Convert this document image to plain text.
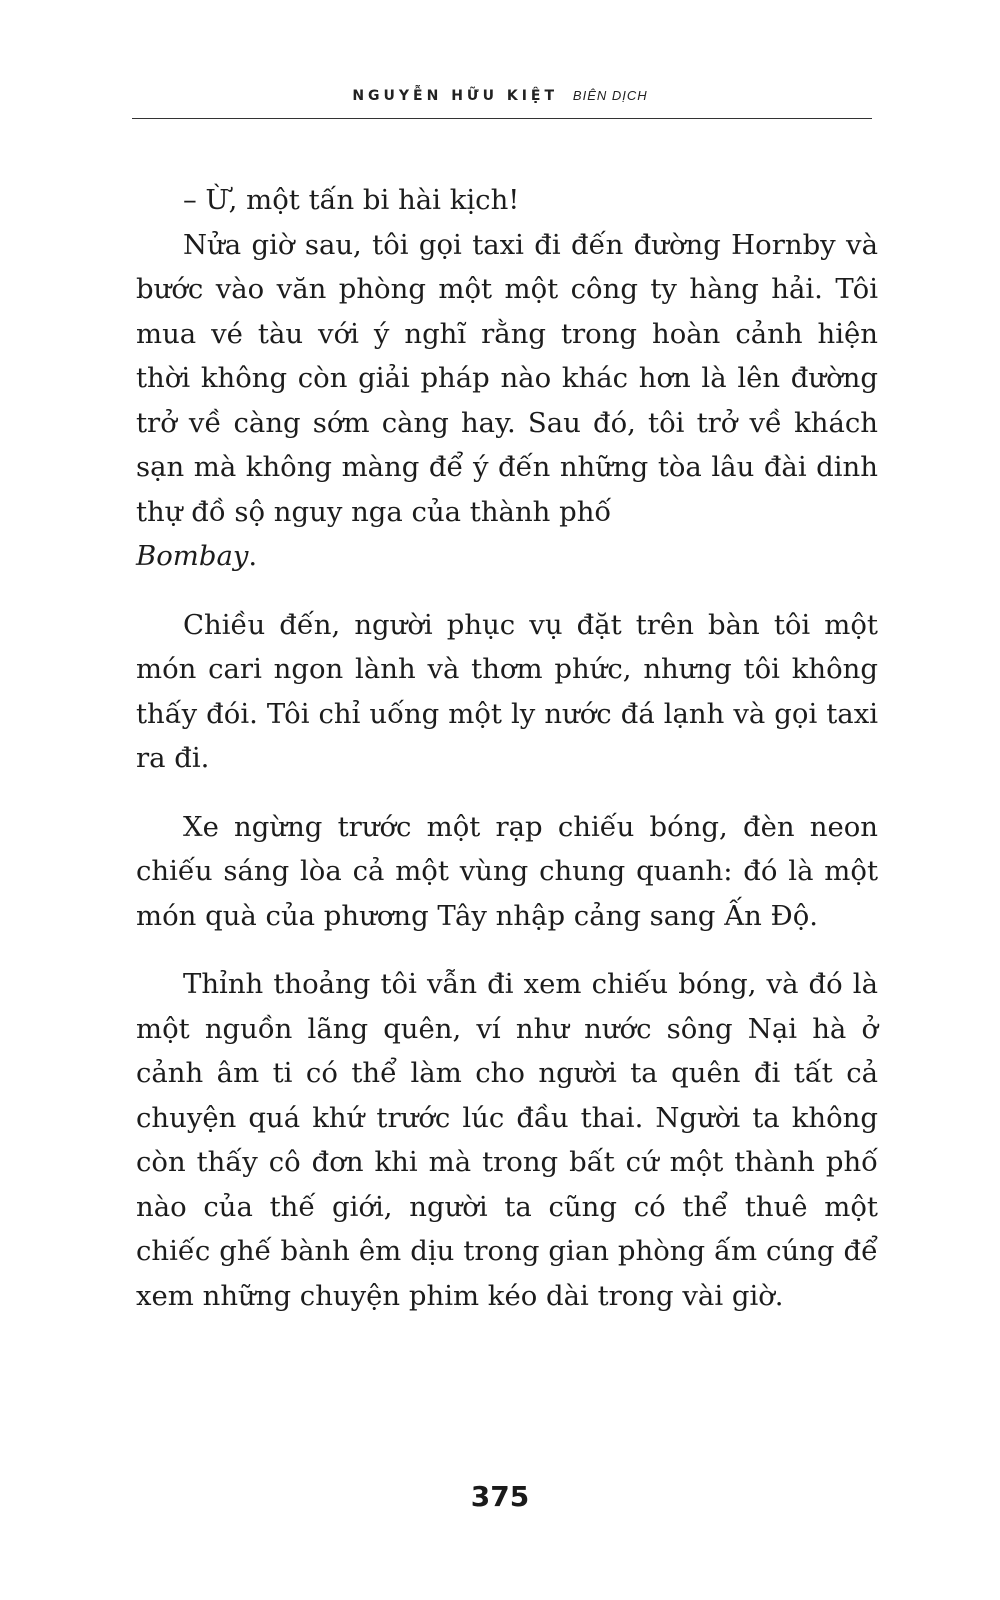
NGUYỄN HỮU KIỆT BIÊN DỊCH

– Ừ, một tấn bi hài kịch!

Nửa giờ sau, tôi gọi taxi đi đến đường Hornby và bước vào văn phòng một một công ty hàng hải. Tôi mua vé tàu với ý nghĩ rằng trong hoàn cảnh hiện thời không còn giải pháp nào khác hơn là lên đường trở về càng sớm càng hay. Sau đó, tôi trở về khách sạn mà không màng để ý đến những tòa lâu đài dinh thự đồ sộ nguy nga của thành phố
Bombay.

Chiều đến, người phục vụ đặt trên bàn tôi một món cari ngon lành và thơm phức, nhưng tôi không thấy đói. Tôi chỉ uống một ly nước đá lạnh và gọi taxi ra đi.

Xe ngừng trước một rạp chiếu bóng, đèn neon chiếu sáng lòa cả một vùng chung quanh: đó là một món quà của phương Tây nhập cảng sang Ấn Độ.

Thỉnh thoảng tôi vẫn đi xem chiếu bóng, và đó là một nguồn lãng quên, ví như nước sông Nại hà ở cảnh âm ti có thể làm cho người ta quên đi tất cả chuyện quá khứ trước lúc đầu thai. Người ta không còn thấy cô đơn khi mà trong bất cứ một thành phố nào của thế giới, người ta cũng có thể thuê một chiếc ghế bành êm dịu trong gian phòng ấm cúng để xem những chuyện phim kéo dài trong vài giờ.

375
